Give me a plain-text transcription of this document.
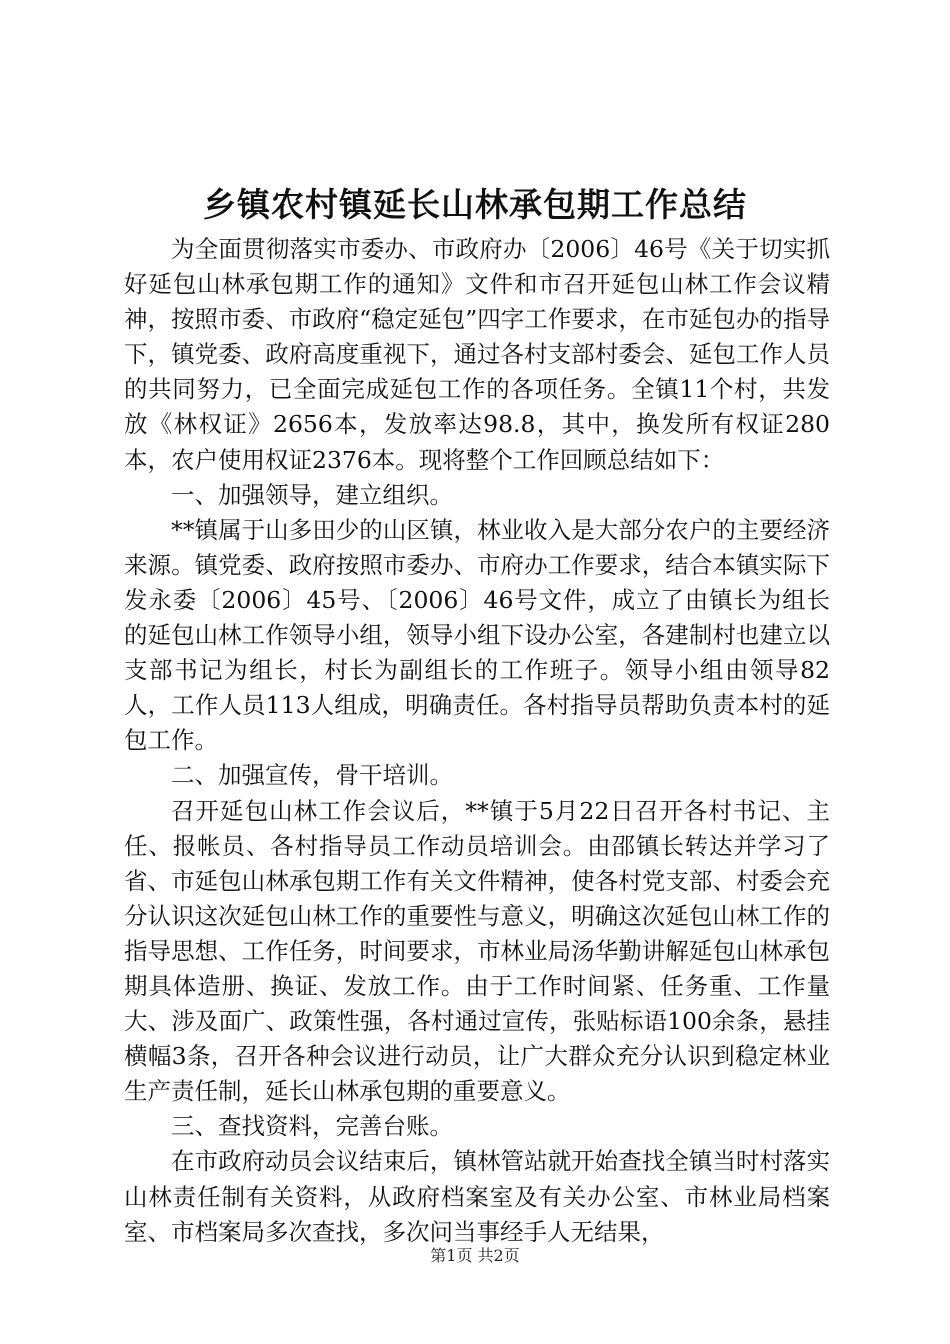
乡镇农村镇延长山林承包期工作总结

为全面贯彻落实市委办、市政府办〔2006〕46号《关于切实抓好延包山林承包期工作的通知》文件和市召开延包山林工作会议精神，按照市委、市政府“稳定延包”四字工作要求，在市延包办的指导下，镇党委、政府高度重视下，通过各村支部村委会、延包工作人员的共同努力，已全面完成延包工作的各项任务。全镇11个村，共发放《林权证》2656本，发放率达98.8，其中，换发所有权证280本，农户使用权证2376本。现将整个工作回顾总结如下：

一、加强领导，建立组织。

**镇属于山多田少的山区镇，林业收入是大部分农户的主要经济来源。镇党委、政府按照市委办、市府办工作要求，结合本镇实际下发永委〔2006〕45号、〔2006〕46号文件，成立了由镇长为组长的延包山林工作领导小组，领导小组下设办公室，各建制村也建立以支部书记为组长，村长为副组长的工作班子。领导小组由领导82人，工作人员113人组成，明确责任。各村指导员帮助负责本村的延包工作。

二、加强宣传，骨干培训。

召开延包山林工作会议后，**镇于5月22日召开各村书记、主任、报帐员、各村指导员工作动员培训会。由邵镇长转达并学习了省、市延包山林承包期工作有关文件精神，使各村党支部、村委会充分认识这次延包山林工作的重要性与意义，明确这次延包山林工作的指导思想、工作任务，时间要求，市林业局汤华勤讲解延包山林承包期具体造册、换证、发放工作。由于工作时间紧、任务重、工作量大、涉及面广、政策性强，各村通过宣传，张贴标语100余条，悬挂横幅3条，召开各种会议进行动员，让广大群众充分认识到稳定林业生产责任制，延长山林承包期的重要意义。

三、查找资料，完善台账。

在市政府动员会议结束后，镇林管站就开始查找全镇当时村落实山林责任制有关资料，从政府档案室及有关办公室、市林业局档案室、市档案局多次查找，多次问当事经手人无结果，

第1页 共2页
